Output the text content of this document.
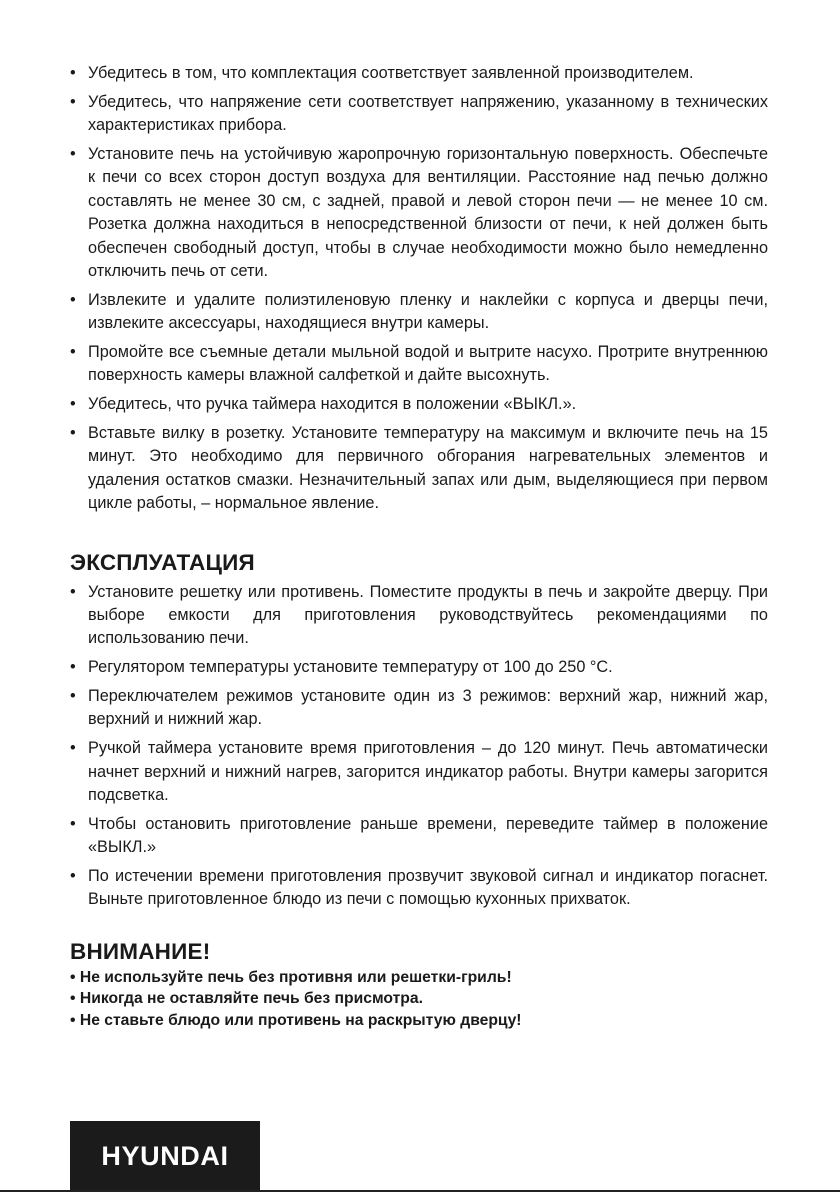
• Убедитесь в том, что комплектация соответствует заявленной производителем.
• Убедитесь, что напряжение сети соответствует напряжению, указанному в технических характеристиках прибора.
• Установите печь на устойчивую жаропрочную горизонтальную поверхность. Обеспечьте к печи со всех сторон доступ воздуха для вентиляции. Расстояние над печью должно составлять не менее 30 см, с задней, правой и левой сторон печи — не менее 10 см. Розетка должна находиться в непосредственной близости от печи, к ней должен быть обеспечен свободный доступ, чтобы в случае необходимости можно было немедленно отключить печь от сети.
• Извлеките и удалите полиэтиленовую пленку и наклейки с корпуса и дверцы печи, извлеките аксессуары, находящиеся внутри камеры.
• Промойте все съемные детали мыльной водой и вытрите насухо. Протрите внутреннюю поверхность камеры влажной салфеткой и дайте высохнуть.
• Убедитесь, что ручка таймера находится в положении «ВЫКЛ.».
• Вставьте вилку в розетку. Установите температуру на максимум и включите печь на 15 минут. Это необходимо для первичного обгорания нагревательных элементов и удаления остатков смазки. Незначительный запах или дым, выделяющиеся при первом цикле работы, – нормальное явление.
ЭКСПЛУАТАЦИЯ
• Установите решетку или противень. Поместите продукты в печь и закройте дверцу. При выборе емкости для приготовления руководствуйтесь рекомендациями по использованию печи.
• Регулятором температуры установите температуру от 100 до 250 °С.
• Переключателем режимов установите один из 3 режимов: верхний жар, нижний жар, верхний и нижний жар.
• Ручкой таймера установите время приготовления – до 120 минут. Печь автоматически начнет верхний и нижний нагрев, загорится индикатор работы. Внутри камеры загорится подсветка.
• Чтобы остановить приготовление раньше времени, переведите таймер в положение «ВЫКЛ.»
• По истечении времени приготовления прозвучит звуковой сигнал и индикатор погаснет. Выньте приготовленное блюдо из печи с помощью кухонных прихваток.
ВНИМАНИЕ!
• Не используйте печь без противня или решетки-гриль!
• Никогда не оставляйте печь без присмотра.
• Не ставьте блюдо или противень на раскрытую дверцу!
HYUNDAI
